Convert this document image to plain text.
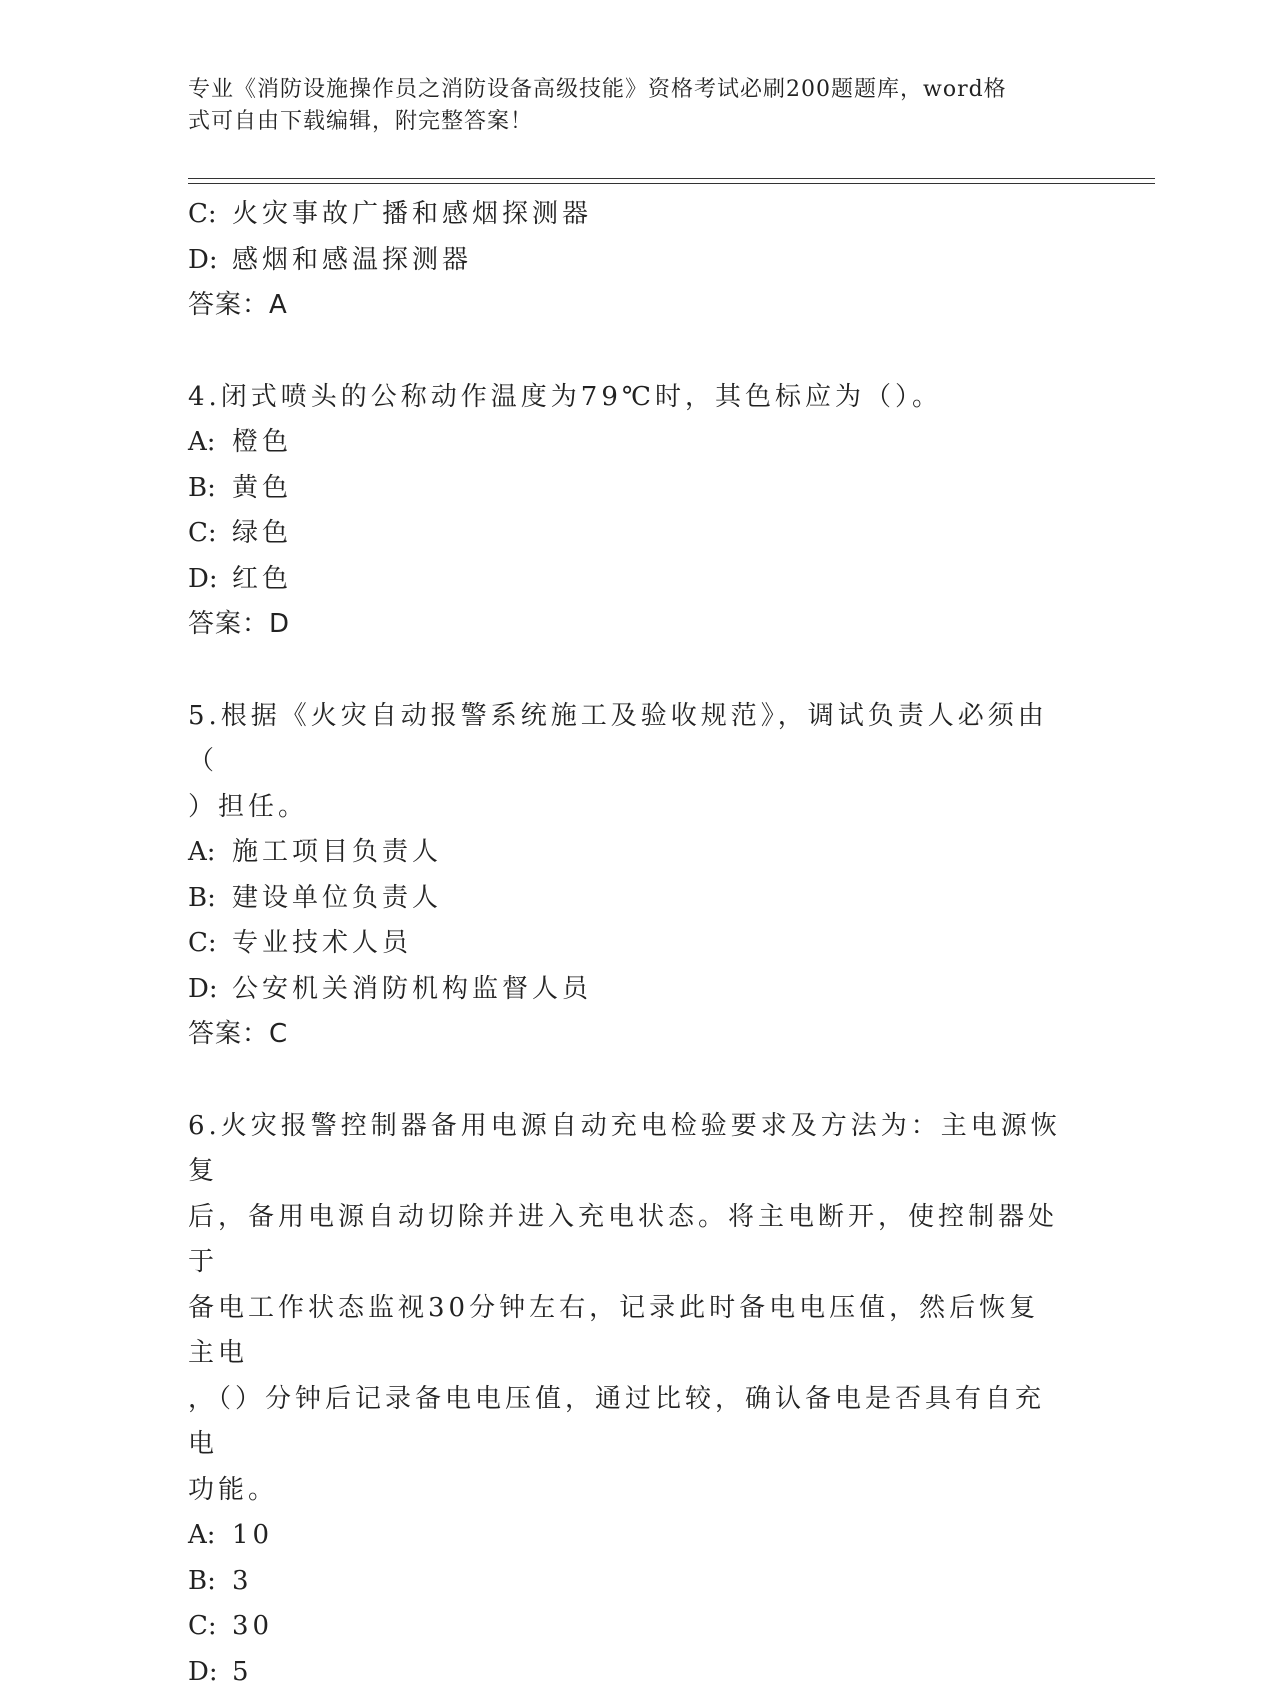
专业《消防设施操作员之消防设备高级技能》资格考试必刷200题题库，word格
式可自由下载编辑，附完整答案！
C: 火灾事故广播和感烟探测器
D: 感烟和感温探测器
答案：A
4.闭式喷头的公称动作温度为79℃时，其色标应为（）。
A: 橙色
B: 黄色
C: 绿色
D: 红色
答案：D
5.根据《火灾自动报警系统施工及验收规范》，调试负责人必须由（
）担任。
A: 施工项目负责人
B: 建设单位负责人
C: 专业技术人员
D: 公安机关消防机构监督人员
答案：C
6.火灾报警控制器备用电源自动充电检验要求及方法为：主电源恢复
后，备用电源自动切除并进入充电状态。将主电断开，使控制器处于
备电工作状态监视30分钟左右，记录此时备电电压值，然后恢复主电
，（）分钟后记录备电电压值，通过比较，确认备电是否具有自充电
功能。
A: 10
B: 3
C: 30
D: 5
